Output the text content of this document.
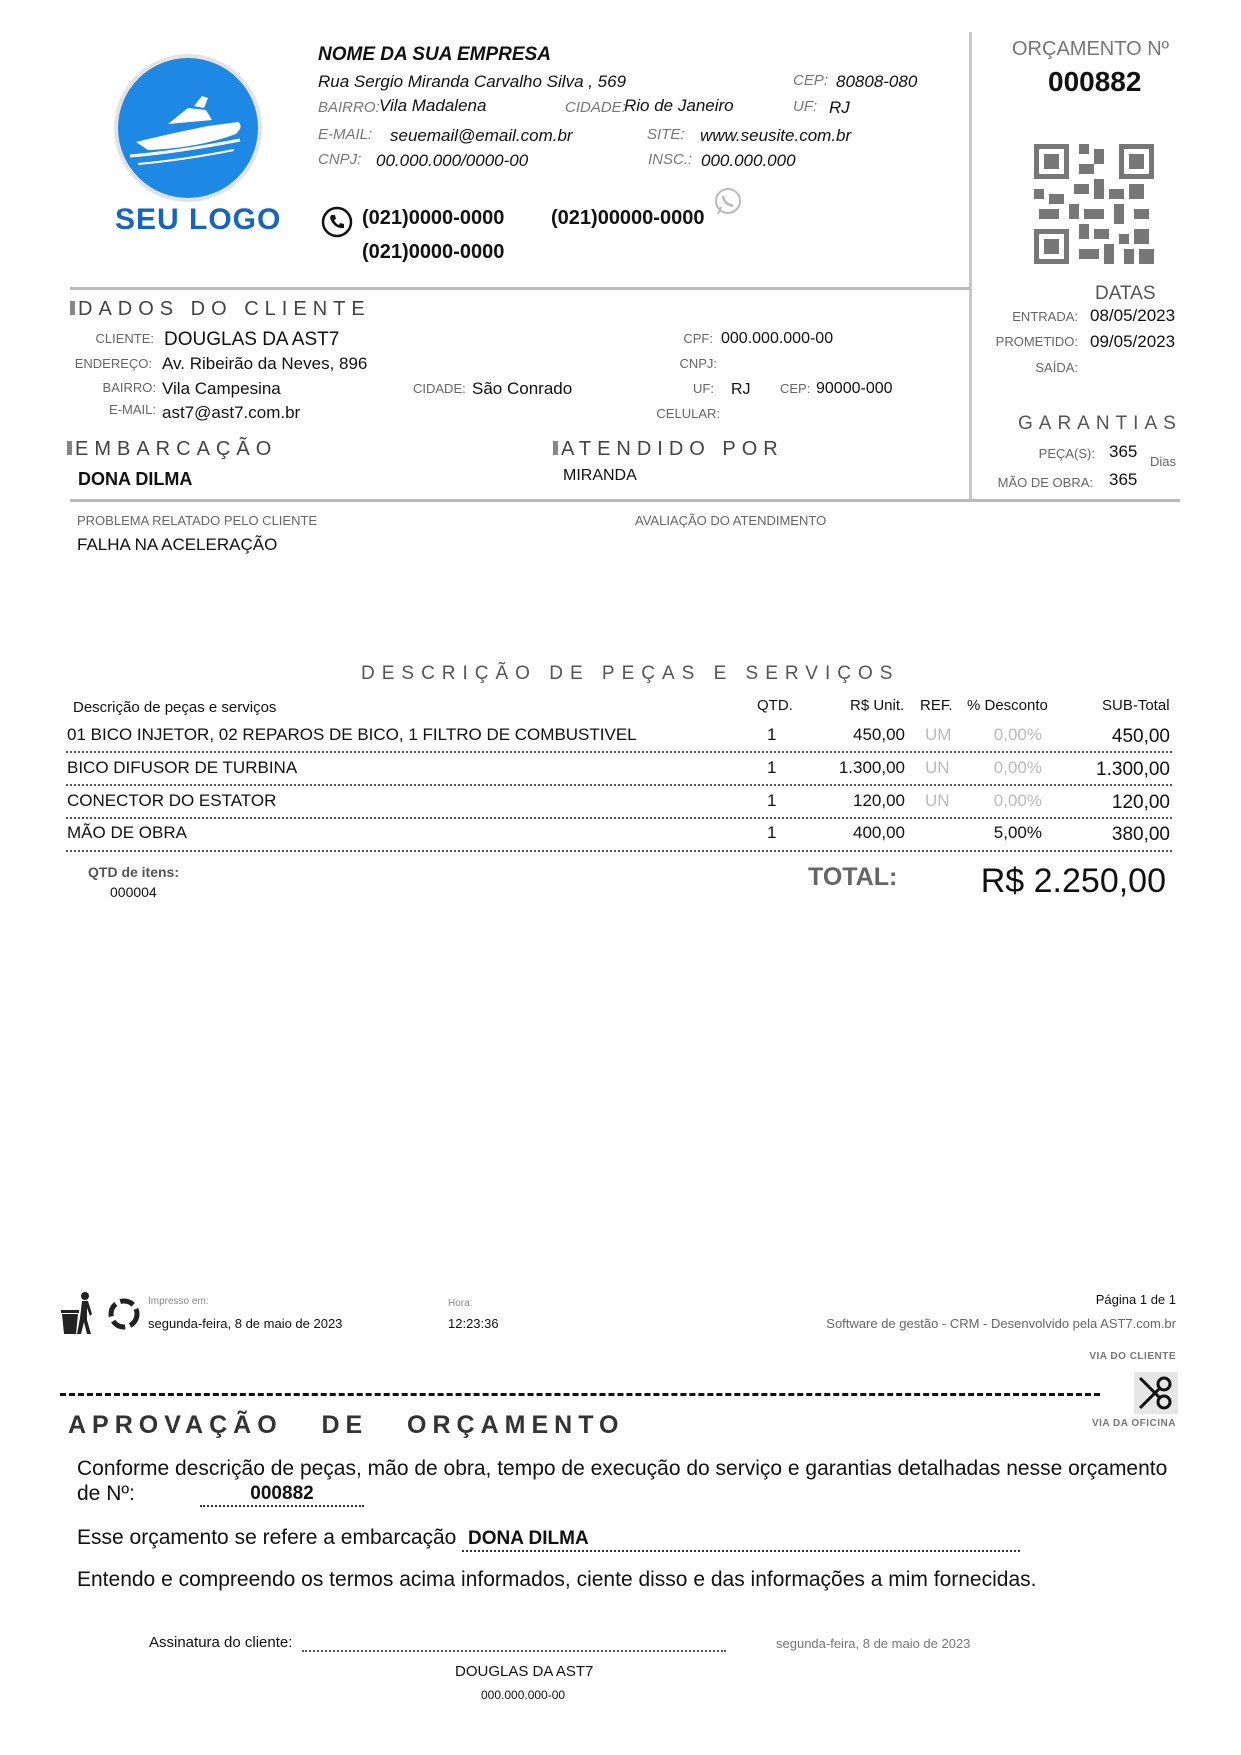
SEU LOGO
NOME DA SUA EMPRESA
Rua Sergio Miranda Carvalho Silva , 569	CEP: 80808-080
BAIRRO: Vila Madalena	CIDADE:
Rio de Janeiro	UF: RJ
E-MAIL: seuemail@email.com.br	SITE: www.seusite.com.br
CNPJ: 00.000.000/0000-00	INSC.: 000.000.000
(021)0000-0000 (021)00000-0000
(021)0000-0000
ORÇAMENTO Nº
000882
DATAS
ENTRADA: 08/05/2023
PROMETIDO: 09/05/2023
SAÍDA:
GARANTIAS
PEÇA(S): 365
Dias
MÃO DE OBRA: 365
DADOS DO CLIENTE
CLIENTE: DOUGLAS DA AST7
ENDEREÇO: Av. Ribeirão da Neves, 896
BAIRRO: Vila Campesina
E-MAIL: ast7@ast7.com.br
CIDADE: São Conrado
CPF: 000.000.000-00
CNPJ:
UF: RJ CEP: 90000-000
CELULAR:
EMBARCAÇÃO
DONA DILMA
ATENDIDO POR
MIRANDA
PROBLEMA RELATADO PELO CLIENTE
FALHA NA ACELERAÇÃO
AVALIAÇÃO DO ATENDIMENTO
DESCRIÇÃO DE PEÇAS E SERVIÇOS
Descrição de peças e serviços	QTD.	R$ Unit. REF. % Desconto	SUB-Total
01 BICO INJETOR, 02 REPAROS DE BICO, 1 FILTRO DE COMBUSTIVEL	1	450,00 UM	0,00%	450,00
BICO DIFUSOR DE TURBINA	1	1.300,00 UN	0,00%	1.300,00
CONECTOR DO ESTATOR	1	120,00 UN	0,00%	120,00
MÃO DE OBRA	1	400,00	5,00%	380,00
QTD de itens:
000004
TOTAL:	R$ 2.250,00
Impresso em:
segunda-feira, 8 de maio de 2023
Hora:
12:23:36
Página 1 de 1
Software de gestão - CRM - Desenvolvido pela AST7.com.br
VIA DO CLIENTE
VIA DA OFICINA
APROVAÇÃO   DE   ORÇAMENTO
Conforme descrição de peças, mão de obra, tempo de execução do serviço e garantias detalhadas nesse orçamento
de Nº:	000882
Esse orçamento se refere a embarcação DONA DILMA
Entendo e compreendo os termos acima informados, ciente disso e das informações a mim fornecidas.
Assinatura do cliente:	segunda-feira, 8 de maio de 2023
DOUGLAS DA AST7
000.000.000-00
